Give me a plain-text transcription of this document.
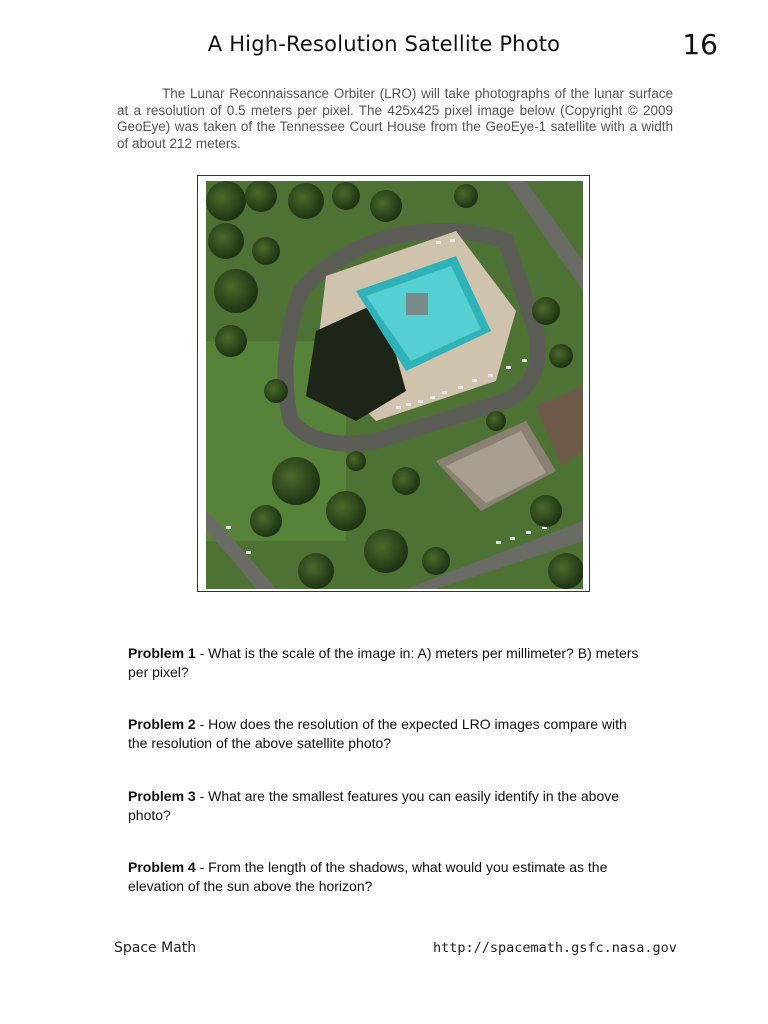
A High-Resolution Satellite Photo	16

The Lunar Reconnaissance Orbiter (LRO) will take photographs of the lunar surface at a resolution of 0.5 meters per pixel. The 425x425 pixel image below (Copyright © 2009 GeoEye) was taken of the Tennessee Court House from the GeoEye-1 satellite with a width of about 212 meters.

Problem 1 - What is the scale of the image in: A) meters per millimeter? B) meters per pixel?

Problem 2 - How does the resolution of the expected LRO images compare with the resolution of the above satellite photo?

Problem 3 - What are the smallest features you can easily identify in the above photo?

Problem 4 - From the length of the shadows, what would you estimate as the elevation of the sun above the horizon?

Space Math	http://spacemath.gsfc.nasa.gov
